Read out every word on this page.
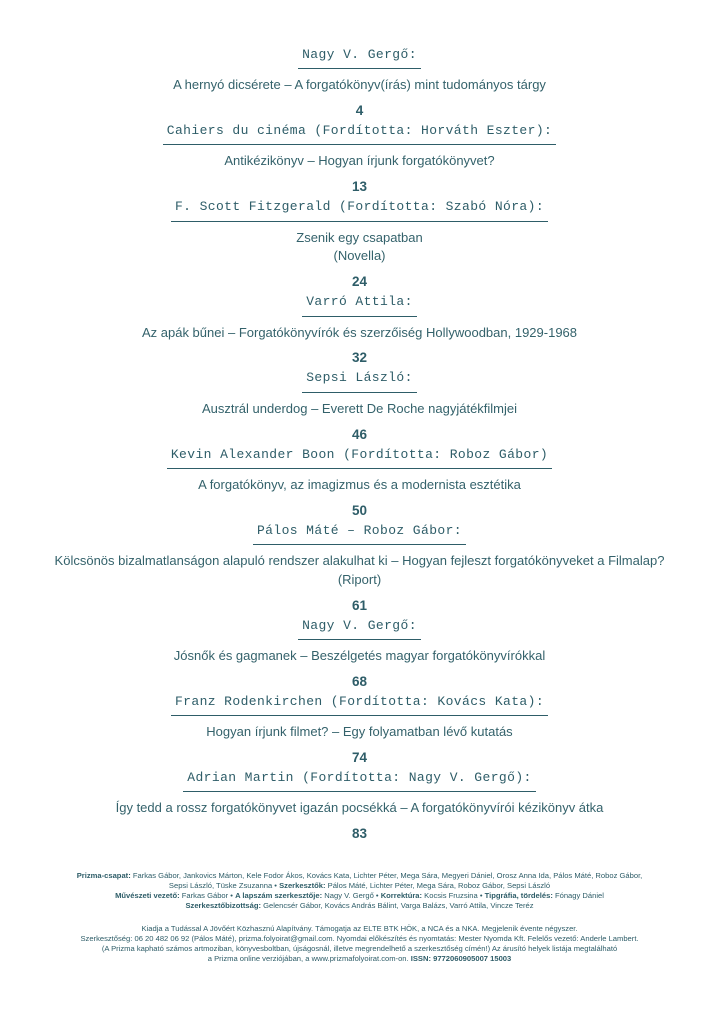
Nagy V. Gergő:
A hernyó dicsérete – A forgatókönyv(írás) mint tudományos tárgy
4
Cahiers du cinéma (Fordította: Horváth Eszter):
Antikézikönyv – Hogyan írjunk forgatókönyvet?
13
F. Scott Fitzgerald (Fordította: Szabó Nóra):
Zsenik egy csapatban
(Novella)
24
Varró Attila:
Az apák bűnei – Forgatókönyvírók és szerzőiség Hollywoodban, 1929-1968
32
Sepsi László:
Ausztrál underdog – Everett De Roche nagyjátékfilmjei
46
Kevin Alexander Boon (Fordította: Roboz Gábor)
A forgatókönyv, az imagizmus és a modernista esztétika
50
Pálos Máté – Roboz Gábor:
Kölcsönös bizalmatlanságon alapuló rendszer alakulhat ki – Hogyan fejleszt forgatókönyveket a Filmalap?
(Riport)
61
Nagy V. Gergő:
Jósnők és gagmanek – Beszélgetés magyar forgatókönyvírókkal
68
Franz Rodenkirchen (Fordította: Kovács Kata):
Hogyan írjunk filmet? – Egy folyamatban lévő kutatás
74
Adrian Martin (Fordította: Nagy V. Gergő):
Így tedd a rossz forgatókönyvet igazán pocsékká – A forgatókönyvírói kézikönyv átka
83
Prizma-csapat: Farkas Gábor, Jankovics Márton, Kele Fodor Ákos, Kovács Kata, Lichter Péter, Mega Sára, Megyeri Dániel, Orosz Anna Ida, Pálos Máté, Roboz Gábor,
Sepsi László, Tüske Zsuzanna • Szerkesztők: Pálos Máté, Lichter Péter, Mega Sára, Roboz Gábor, Sepsi László
Művészeti vezető: Farkas Gábor • A lapszám szerkesztője: Nagy V. Gergő • Korrektúra: Kocsis Fruzsina • Tipgráfia, tördelés: Fónagy Dániel
Szerkesztőbizottság: Gelencsér Gábor, Kovács András Bálint, Varga Balázs, Varró Attila, Vincze Teréz
Kiadja a Tudással A Jövőért Közhasznú Alapítvány. Támogatja az ELTE BTK HÖK, a NCA és a NKA. Megjelenik évente négyszer.
Szerkesztőség: 06 20 482 06 92 (Pálos Máté), prizma.folyoirat@gmail.com. Nyomdai előkészítés és nyomtatás: Mester Nyomda Kft. Felelős vezető: Anderle Lambert.
(A Prizma kapható számos artmoziban, könyvesboltban, újságosnál, illetve megrendelhető a szerkesztőség címén!) Az árusító helyek listája megtalálható
a Prizma online verziójában, a www.prizmafolyoirat.com-on. ISSN: 9772060905007 15003
